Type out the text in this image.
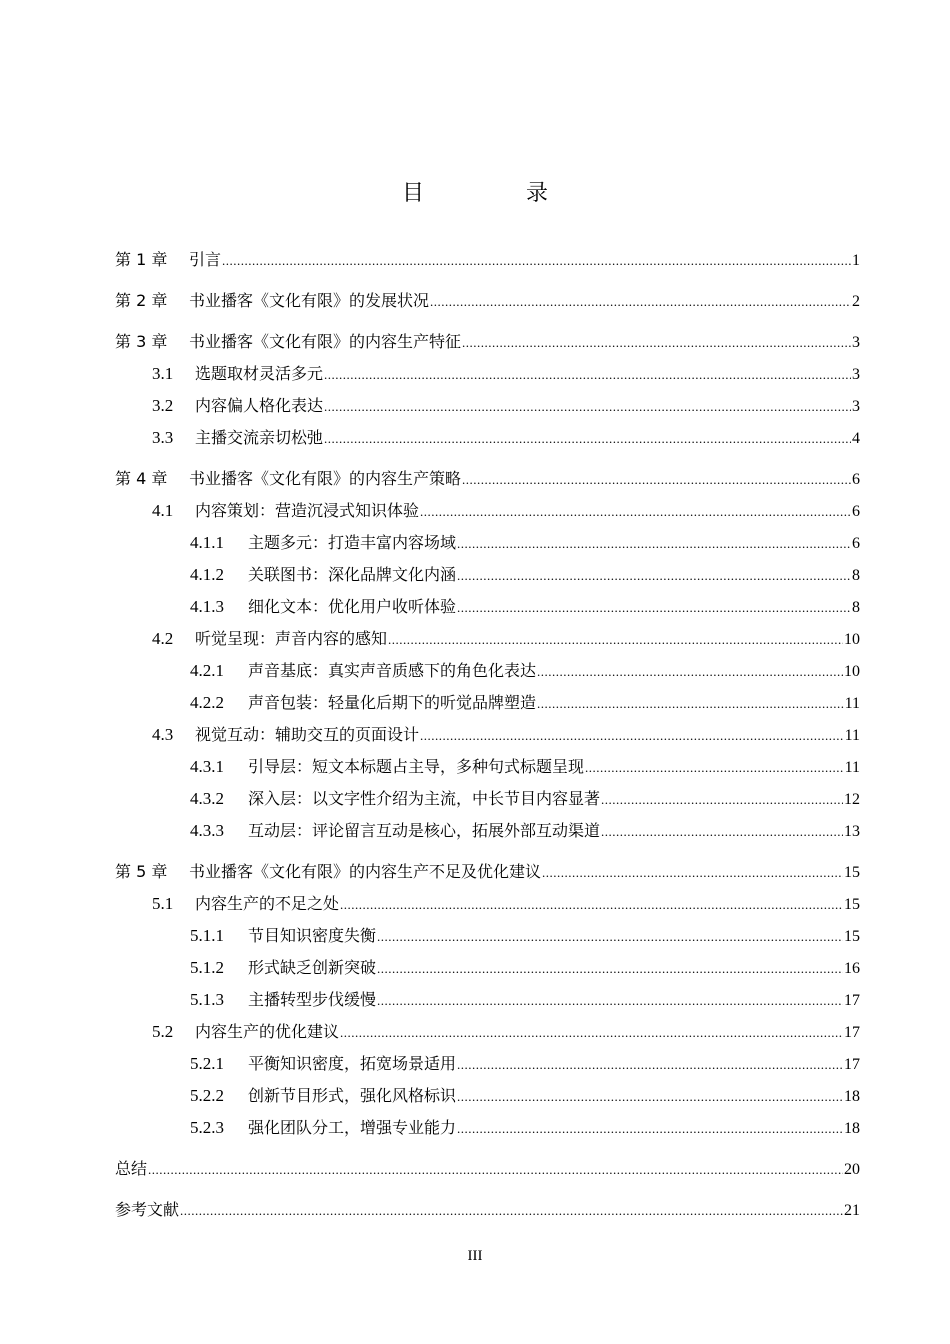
目　录
第 1 章	引言 .....	1
第 2 章	书业播客《文化有限》的发展状况 .....	2
第 3 章	书业播客《文化有限》的内容生产特征 .....	3
3.1	选题取材灵活多元 .....	3
3.2	内容偏人格化表达 .....	3
3.3	主播交流亲切松弛 .....	4
第 4 章	书业播客《文化有限》的内容生产策略 .....	6
4.1	内容策划：营造沉浸式知识体验 .....	6
4.1.1	主题多元：打造丰富内容场域 .....	6
4.1.2	关联图书：深化品牌文化内涵 .....	8
4.1.3	细化文本：优化用户收听体验 .....	8
4.2	听觉呈现：声音内容的感知 .....	10
4.2.1	声音基底：真实声音质感下的角色化表达 .....	10
4.2.2	声音包装：轻量化后期下的听觉品牌塑造 .....	11
4.3	视觉互动：辅助交互的页面设计 .....	11
4.3.1	引导层：短文本标题占主导，多种句式标题呈现 .....	11
4.3.2	深入层：以文字性介绍为主流，中长节目内容显著 .....	12
4.3.3	互动层：评论留言互动是核心，拓展外部互动渠道 .....	13
第 5 章	书业播客《文化有限》的内容生产不足及优化建议 .....	15
5.1	内容生产的不足之处 .....	15
5.1.1	节目知识密度失衡 .....	15
5.1.2	形式缺乏创新突破 .....	16
5.1.3	主播转型步伐缓慢 .....	17
5.2	内容生产的优化建议 .....	17
5.2.1	平衡知识密度，拓宽场景适用 .....	17
5.2.2	创新节目形式，强化风格标识 .....	18
5.2.3	强化团队分工，增强专业能力 .....	18
总结 .....	20
参考文献 .....	21
III
